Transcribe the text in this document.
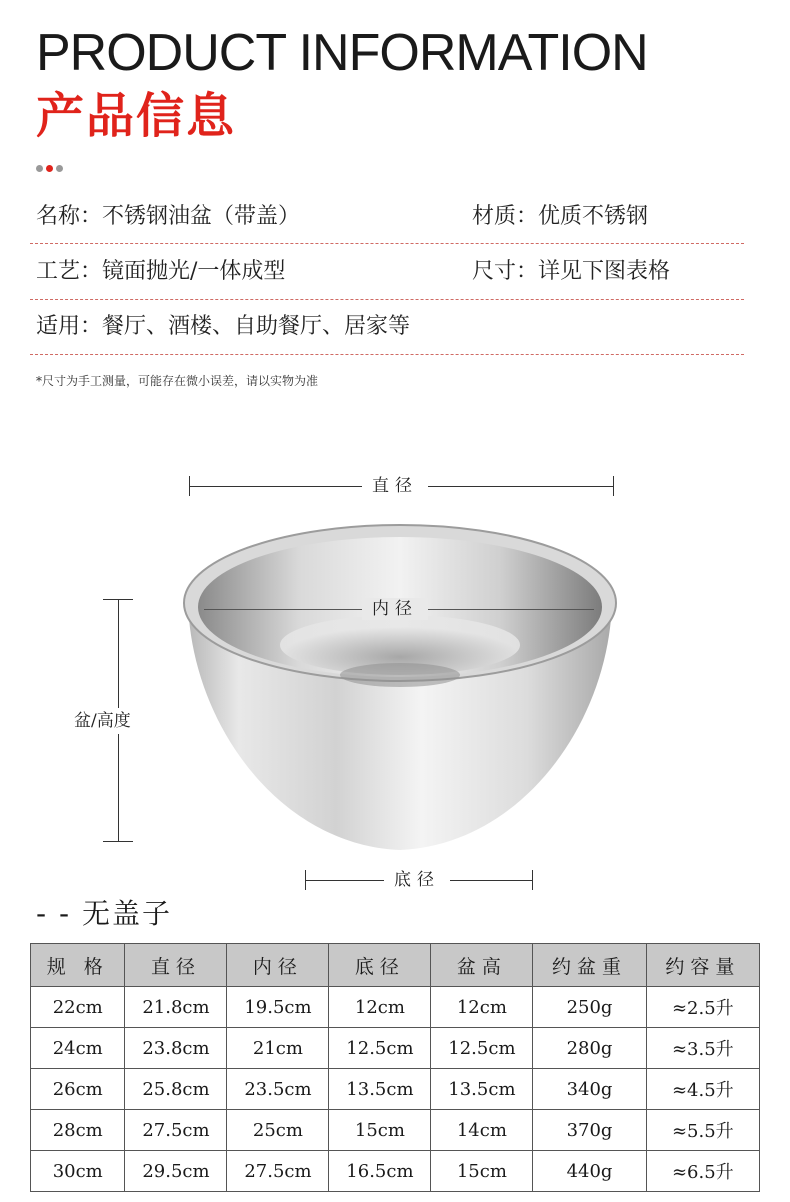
PRODUCT INFORMATION
产品信息
名称：不锈钢油盆（带盖）	材质：优质不锈钢
工艺：镜面抛光/一体成型	尺寸：详见下图表格
适用：餐厅、酒楼、自助餐厅、居家等
*尺寸为手工测量，可能存在微小误差，请以实物为准
直径
内径
盆/高度
底径
- - 无盖子
规 格	直径	内径	底径	盆高	约盆重	约容量
22cm	21.8cm	19.5cm	12cm	12cm	250g	≈2.5升
24cm	23.8cm	21cm	12.5cm	12.5cm	280g	≈3.5升
26cm	25.8cm	23.5cm	13.5cm	13.5cm	340g	≈4.5升
28cm	27.5cm	25cm	15cm	14cm	370g	≈5.5升
30cm	29.5cm	27.5cm	16.5cm	15cm	440g	≈6.5升
